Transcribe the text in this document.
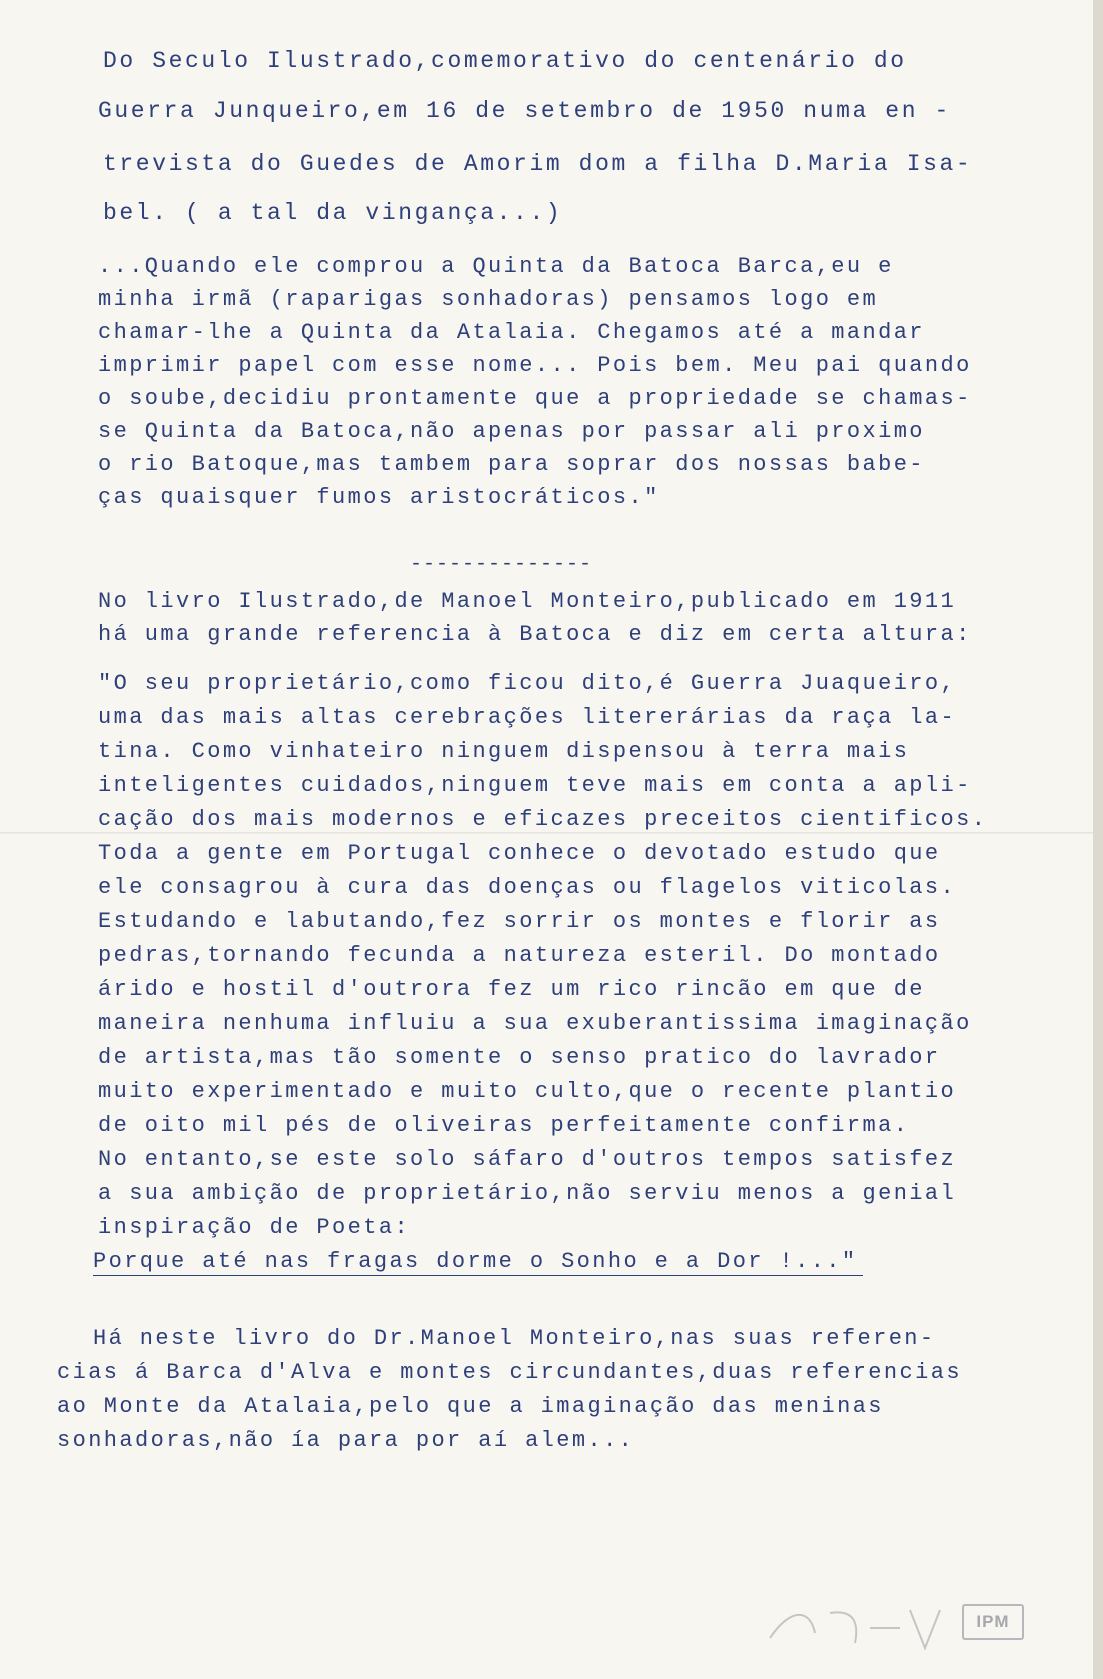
Do Seculo Ilustrado,comemorativo do centenário do
Guerra Junqueiro,em 16 de setembro de 1950 numa en -
trevista do Guedes de Amorim dom a filha D.Maria Isa-
bel. ( a tal da vingança...)
...Quando ele comprou a Quinta da Batoca Barca,eu e
minha irmã (raparigas sonhadoras) pensamos logo em
chamar-lhe a Quinta da Atalaia. Chegamos até a mandar
imprimir papel com esse nome... Pois bem. Meu pai quando
o soube,decidiu prontamente que a propriedade se chamas-
se Quinta da Batoca,não apenas por passar ali proximo
o rio Batoque,mas tambem para soprar dos nossas babe-
ças quaisquer fumos aristocráticos."
--------------
No livro Ilustrado,de Manoel Monteiro,publicado em 1911
há uma grande referencia à Batoca e diz em certa altura:
"O seu proprietário,como ficou dito,é Guerra Juaqueiro,
uma das mais altas cerebrações litererárias da raça la-
tina. Como vinhateiro ninguem dispensou à terra mais
inteligentes cuidados,ninguem teve mais em conta a apli-
cação dos mais modernos e eficazes preceitos cientificos.
Toda a gente em Portugal conhece o devotado estudo que
ele consagrou à cura das doenças ou flagelos viticolas.
Estudando e labutando,fez sorrir os montes e florir as
pedras,tornando fecunda a natureza esteril. Do montado
árido e hostil d'outrora fez um rico rincão em que de
maneira nenhuma influiu a sua exuberantissima imaginação
de artista,mas tão somente o senso pratico do lavrador
muito experimentado e muito culto,que o recente plantio
de oito mil pés de oliveiras perfeitamente confirma.
No entanto,se este solo sáfaro d'outros tempos satisfez
a sua ambição de proprietário,não serviu menos a genial
inspiração de Poeta:
Porque até nas fragas dorme o Sonho e a Dor !..."
Há neste livro do Dr.Manoel Monteiro,nas suas referen-
cias á Barca d'Alva e montes circundantes,duas referencias
ao Monte da Atalaia,pelo que a imaginação das meninas
sonhadoras,não ía para por aí alem...
IPM
